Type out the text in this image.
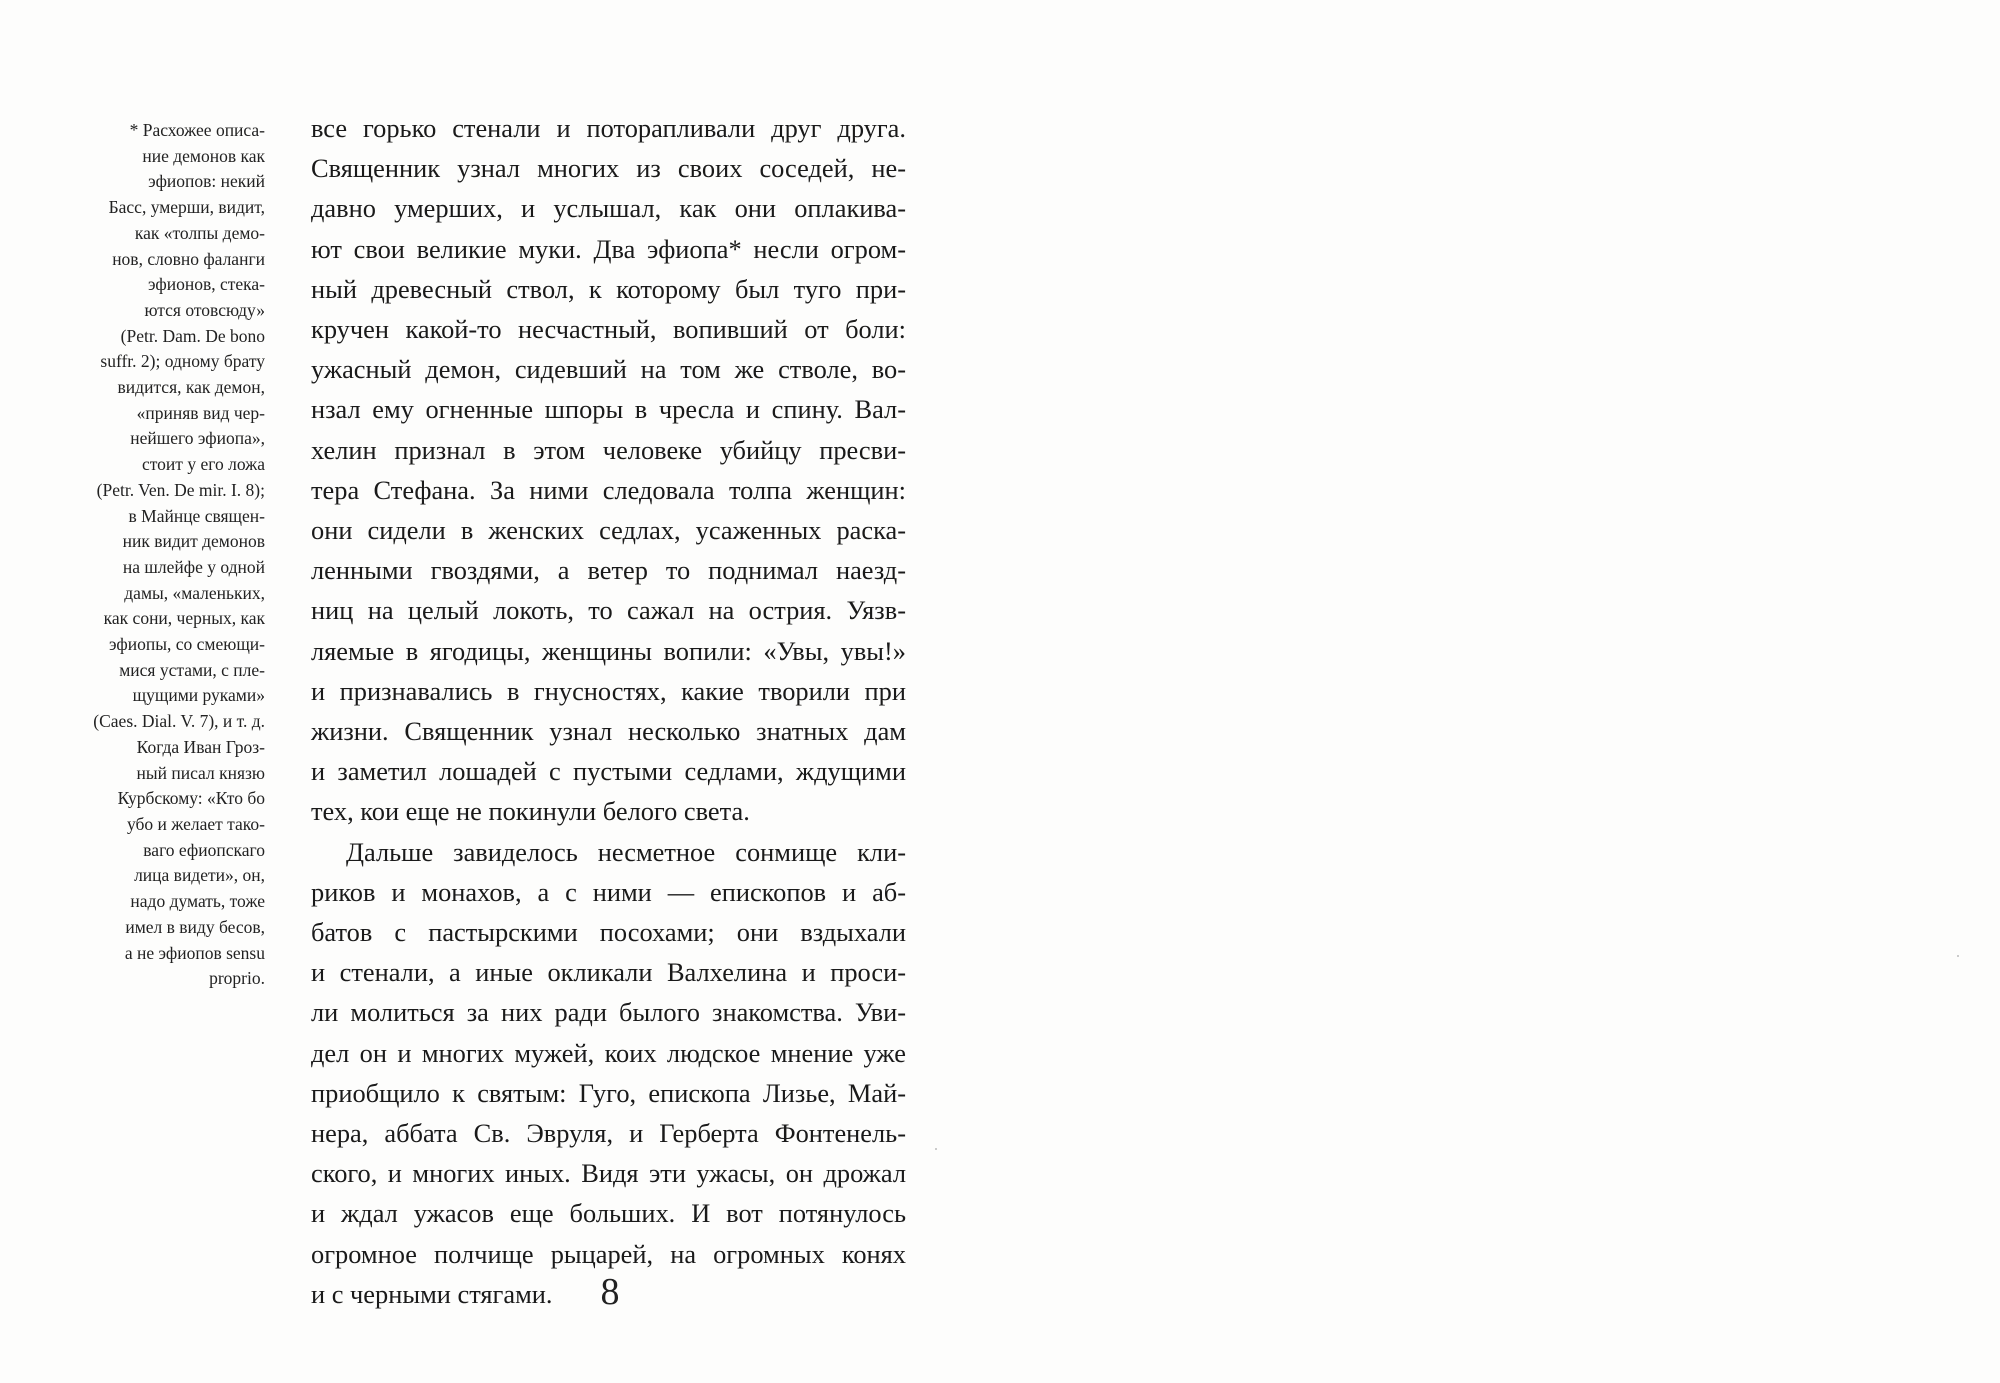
* Расхожее описа-

ние демонов как

эфиопов: некий

Басс, умерши, видит,

как «толпы демо-

нов, словно фаланги

эфионов, стека-

ются отовсюду»

(Petr. Dam. De bono

suffr. 2); одному брату

видится, как демон,

«приняв вид чер-

нейшего эфиопа»,

стоит у его ложа

(Petr. Ven. De mir. I. 8);

в Майнце священ-

ник видит демонов

на шлейфе у одной

дамы, «маленьких,

как сони, черных, как

эфиопы, со смеющи-

мися устами, с пле-

щущими руками»

(Caes. Dial. V. 7), и т. д.

Когда Иван Гроз-

ный писал князю

Курбскому: «Кто бо

убо и желает тако-

ваго ефиопскаго

лица видети», он,

надо думать, тоже

имел в виду бесов,

а не эфиопов sensu

proprio.

все горько стенали и поторапливали друг друга.

Священник узнал многих из своих соседей, не-

давно умерших, и услышал, как они оплакива-

ют свои великие муки. Два эфиопа* несли огром-

ный древесный ствол, к которому был туго при-

кручен какой-то несчастный, вопивший от боли:

ужасный демон, сидевший на том же стволе, во-

нзал ему огненные шпоры в чресла и спину. Вал-

хелин признал в этом человеке убийцу пресви-

тера Стефана. За ними следовала толпа женщин:

они сидели в женских седлах, усаженных раска-

ленными гвоздями, а ветер то поднимал наезд-

ниц на целый локоть, то сажал на острия. Уязв-

ляемые в ягодицы, женщины вопили: «Увы, увы!»

и признавались в гнусностях, какие творили при

жизни. Священник узнал несколько знатных дам

и заметил лошадей с пустыми седлами, ждущими

тех, кои еще не покинули белого света.

Дальше завиделось несметное сонмище кли-

риков и монахов, а с ними — епископов и аб-

батов с пастырскими посохами; они вздыхали

и стенали, а иные окликали Валхелина и проси-

ли молиться за них ради былого знакомства. Уви-

дел он и многих мужей, коих людское мнение уже

приобщило к святым: Гуго, епископа Лизье, Май-

нера, аббата Св. Эвруля, и Герберта Фонтенель-

ского, и многих иных. Видя эти ужасы, он дрожал

и ждал ужасов еще больших. И вот потянулось

огромное полчище рыцарей, на огромных конях

и с черными стягами.	8
